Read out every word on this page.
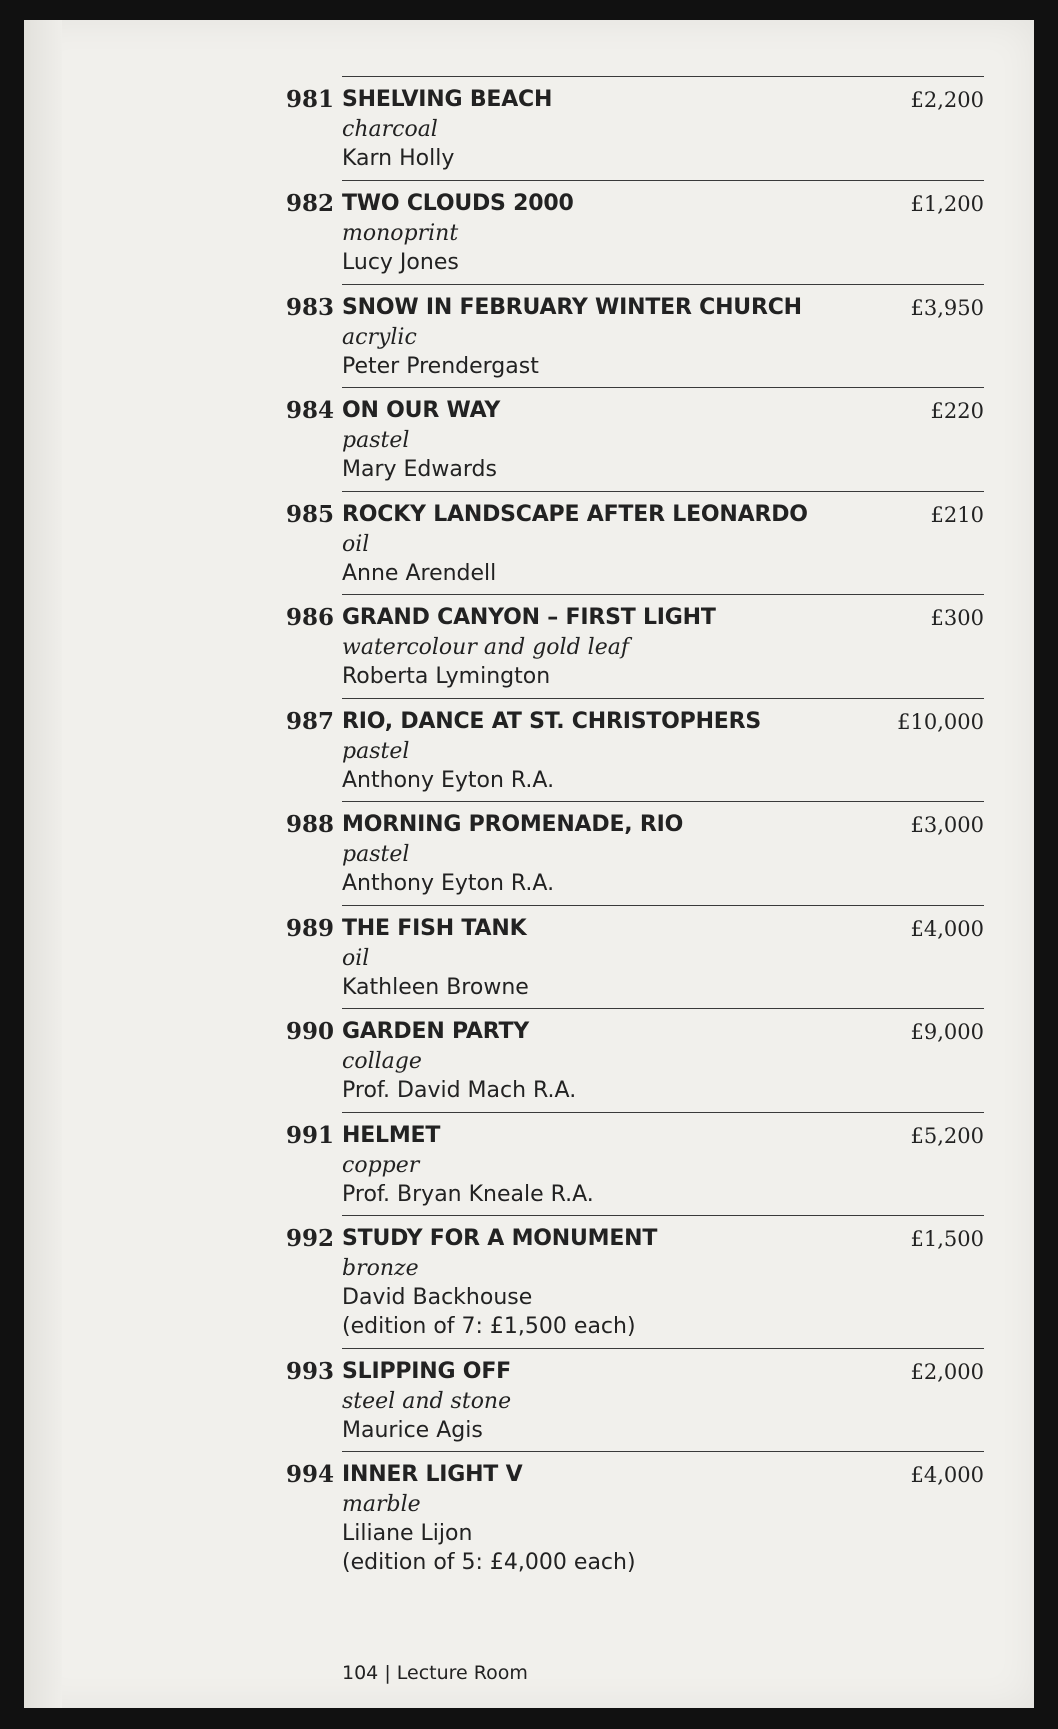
981 SHELVING BEACH
charcoal
Karn Holly
£2,200
982 TWO CLOUDS 2000
monoprint
Lucy Jones
£1,200
983 SNOW IN FEBRUARY WINTER CHURCH
acrylic
Peter Prendergast
£3,950
984 ON OUR WAY
pastel
Mary Edwards
£220
985 ROCKY LANDSCAPE AFTER LEONARDO
oil
Anne Arendell
£210
986 GRAND CANYON – FIRST LIGHT
watercolour and gold leaf
Roberta Lymington
£300
987 RIO, DANCE AT ST. CHRISTOPHERS
pastel
Anthony Eyton R.A.
£10,000
988 MORNING PROMENADE, RIO
pastel
Anthony Eyton R.A.
£3,000
989 THE FISH TANK
oil
Kathleen Browne
£4,000
990 GARDEN PARTY
collage
Prof. David Mach R.A.
£9,000
991 HELMET
copper
Prof. Bryan Kneale R.A.
£5,200
992 STUDY FOR A MONUMENT
bronze
David Backhouse
(edition of 7: £1,500 each)
£1,500
993 SLIPPING OFF
steel and stone
Maurice Agis
£2,000
994 INNER LIGHT V
marble
Liliane Lijon
(edition of 5: £4,000 each)
£4,000
104 | Lecture Room
